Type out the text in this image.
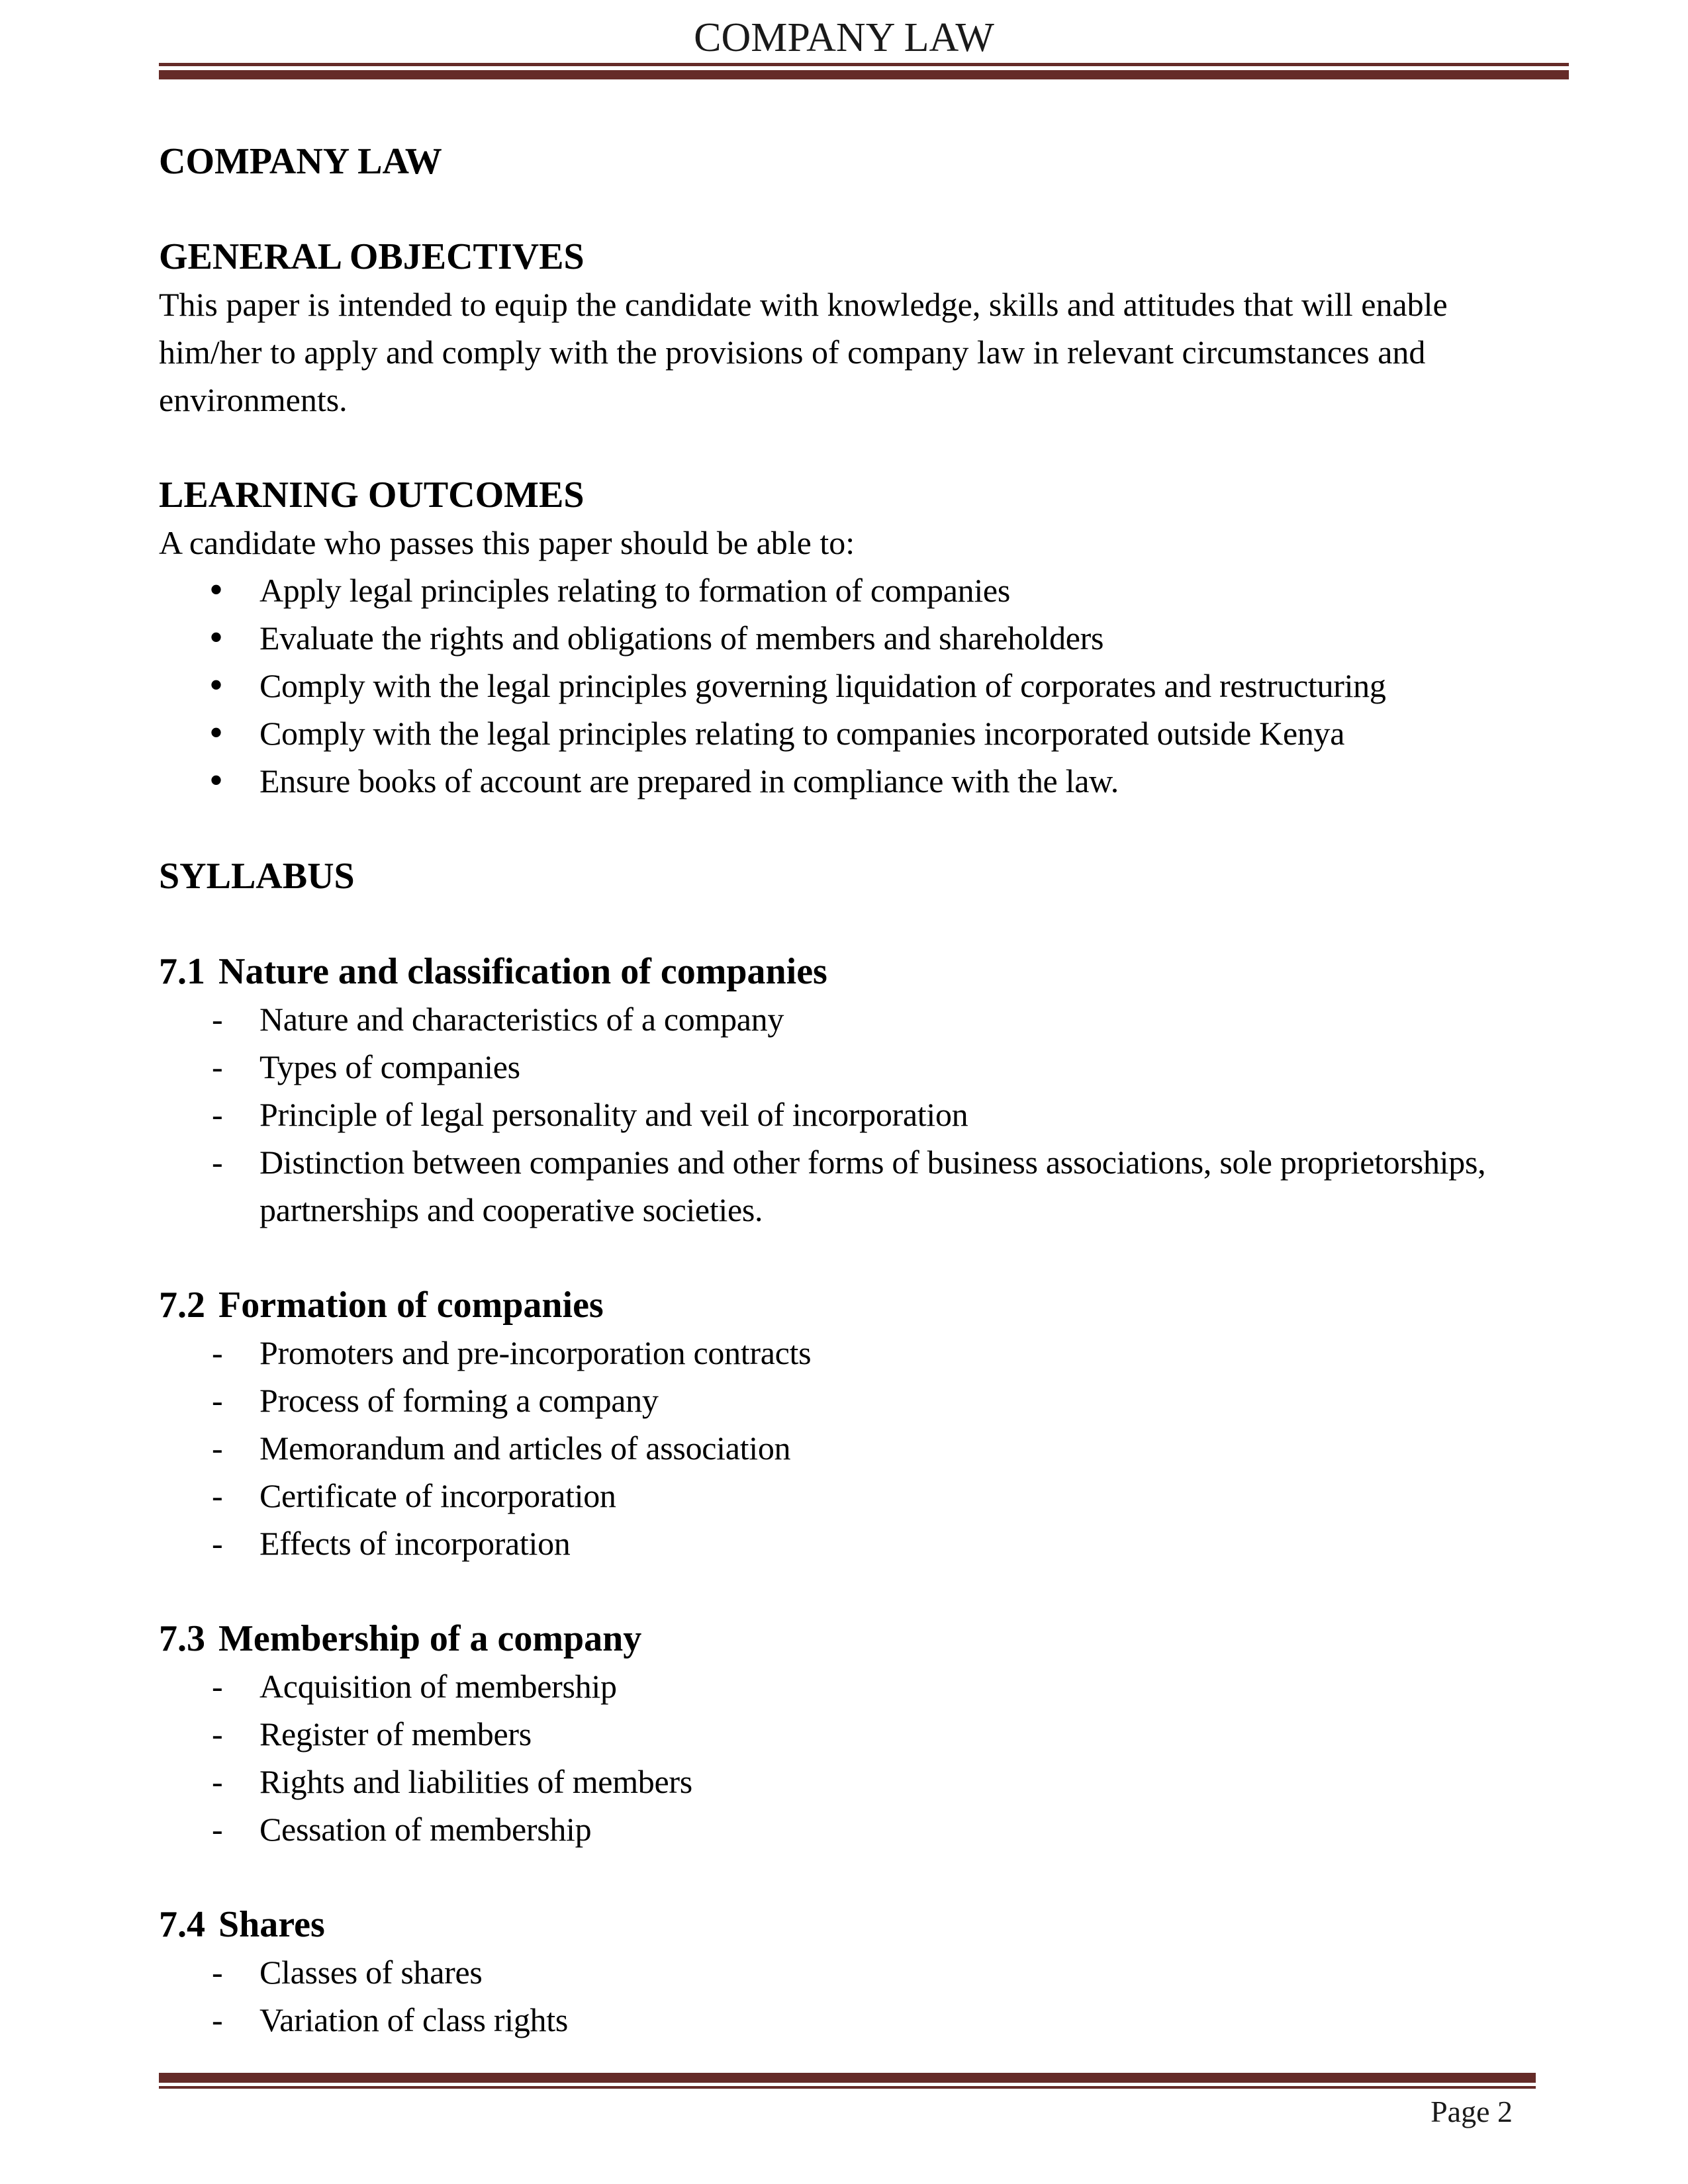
COMPANY LAW
COMPANY LAW
GENERAL OBJECTIVES

This paper is intended to equip the candidate with knowledge, skills and attitudes that will enable him/her to apply and comply with the provisions of company law in relevant circumstances and environments.

LEARNING OUTCOMES

A candidate who passes this paper should be able to:

• Apply legal principles relating to formation of companies
• Evaluate the rights and obligations of members and shareholders
• Comply with the legal principles governing liquidation of corporates and restructuring
• Comply with the legal principles relating to companies incorporated outside Kenya
• Ensure books of account are prepared in compliance with the law.
SYLLABUS
7.1 Nature and classification of companies
- Nature and characteristics of a company
- Types of companies
- Principle of legal personality and veil of incorporation
- Distinction between companies and other forms of business associations, sole proprietorships, partnerships and cooperative societies.
7.2 Formation of companies
- Promoters and pre-incorporation contracts
- Process of forming a company
- Memorandum and articles of association
- Certificate of incorporation
- Effects of incorporation
7.3 Membership of a company
- Acquisition of membership
- Register of members
- Rights and liabilities of members
- Cessation of membership
7.4 Shares
- Classes of shares
- Variation of class rights
Page 2
